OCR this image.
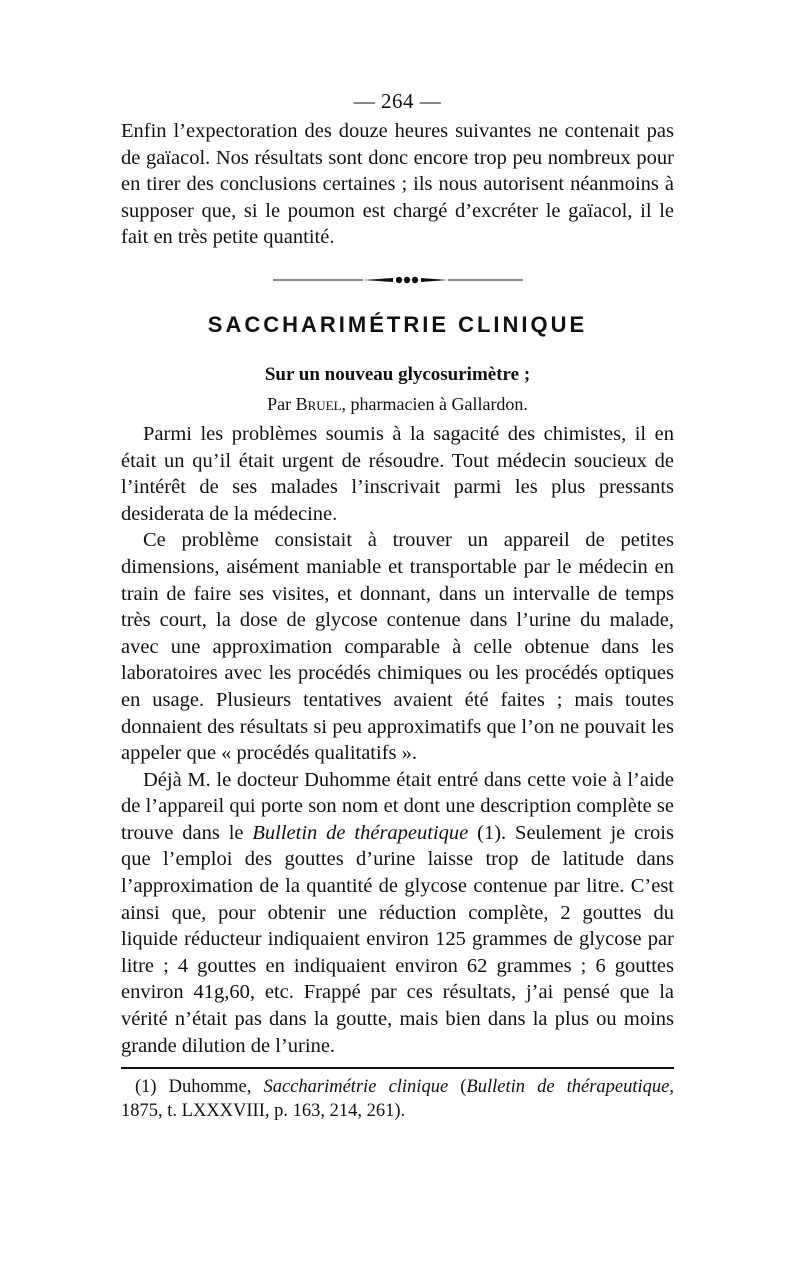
— 264 —

Enfin l’expectoration des douze heures suivantes ne contenait pas de gaïacol. Nos résultats sont donc encore trop peu nombreux pour en tirer des conclusions certaines ; ils nous autorisent néanmoins à supposer que, si le poumon est chargé d’excréter le gaïacol, il le fait en très petite quantité.

SACCHARIMÉTRIE CLINIQUE
Sur un nouveau glycosurimètre ;
Par Bruel, pharmacien à Gallardon.

Parmi les problèmes soumis à la sagacité des chimistes, il en était un qu’il était urgent de résoudre. Tout médecin soucieux de l’intérêt de ses malades l’inscrivait parmi les plus pressants desiderata de la médecine.

Ce problème consistait à trouver un appareil de petites dimensions, aisément maniable et transportable par le médecin en train de faire ses visites, et donnant, dans un intervalle de temps très court, la dose de glycose contenue dans l’urine du malade, avec une approximation comparable à celle obtenue dans les laboratoires avec les procédés chimiques ou les procédés optiques en usage. Plusieurs tentatives avaient été faites ; mais toutes donnaient des résultats si peu approximatifs que l’on ne pouvait les appeler que « procédés qualitatifs ».

Déjà M. le docteur Duhomme était entré dans cette voie à l’aide de l’appareil qui porte son nom et dont une description complète se trouve dans le Bulletin de thérapeutique (1). Seulement je crois que l’emploi des gouttes d’urine laisse trop de latitude dans l’approximation de la quantité de glycose contenue par litre. C’est ainsi que, pour obtenir une réduction complète, 2 gouttes du liquide réducteur indiquaient environ 125 grammes de glycose par litre ; 4 gouttes en indiquaient environ 62 grammes ; 6 gouttes environ 41g,60, etc. Frappé par ces résultats, j’ai pensé que la vérité n’était pas dans la goutte, mais bien dans la plus ou moins grande dilution de l’urine.

(1) Duhomme, Saccharimétrie clinique (Bulletin de thérapeutique, 1875, t. LXXXVIII, p. 163, 214, 261).
